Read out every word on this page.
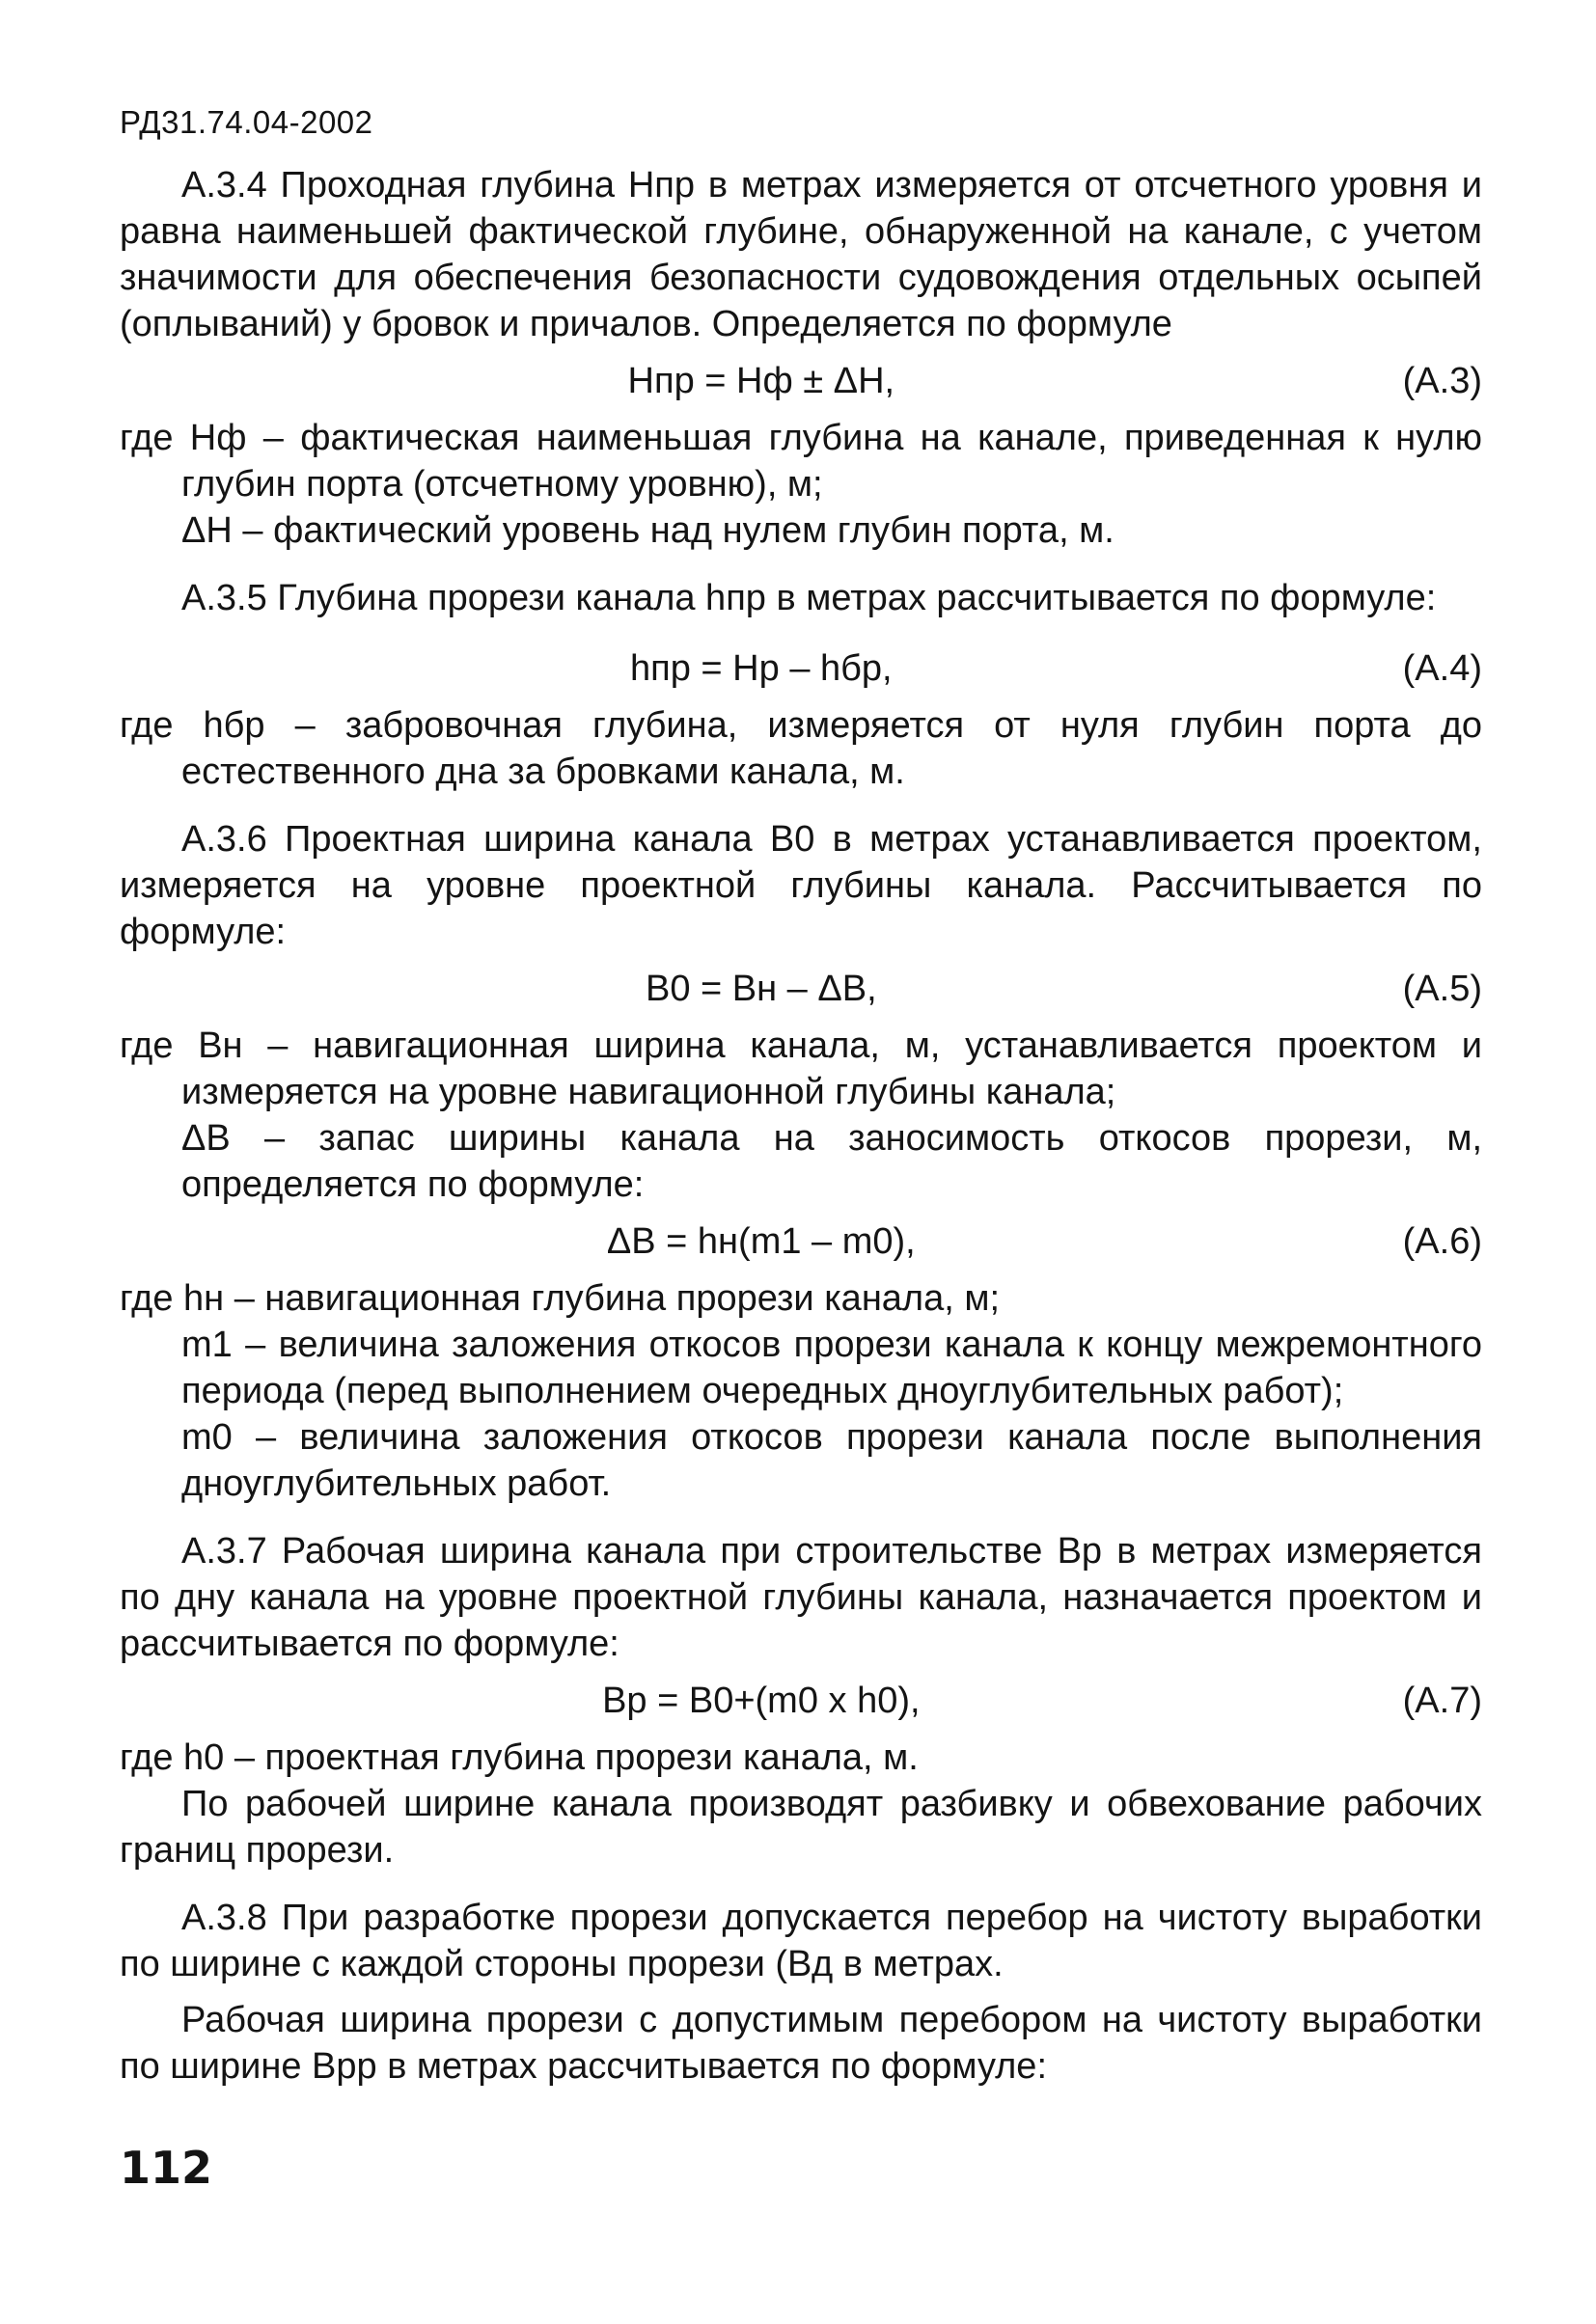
РД31.74.04-2002

А.3.4 Проходная глубина Hпр в метрах измеряется от отсчетного уровня и равна наименьшей фактической глубине, обнаруженной на канале, с учетом значимости для обеспечения безопасности судовождения отдельных осыпей (оплываний) у бровок и причалов. Определяется по формуле

Нпр = Нф ± ΔН,	(А.3)

где Нф – фактическая наименьшая глубина на канале, приведенная к нулю глубин порта (отсчетному уровню), м;

ΔН – фактический уровень над нулем глубин порта, м.

А.3.5 Глубина прорези канала hпр в метрах рассчитывается по формуле:

hпр = Нр – hбр,	(А.4)

где hбр – забровочная глубина, измеряется от нуля глубин порта до естественного дна за бровками канала, м.

А.3.6 Проектная ширина канала В0 в метрах устанавливается проектом, измеряется на уровне проектной глубины канала. Рассчитывается по формуле:

В0 = Вн – ΔВ,	(А.5)

где Вн – навигационная ширина канала, м, устанавливается проектом и измеряется на уровне навигационной глубины канала;

ΔВ – запас ширины канала на заносимость откосов прорези, м, определяется по формуле:

ΔВ = hн(m1 – m0),	(А.6)

где hн – навигационная глубина прорези канала, м;

m1 – величина заложения откосов прорези канала к концу межремонтного периода (перед выполнением очередных дноуглубительных работ);

m0 – величина заложения откосов прорези канала после выполнения дноуглубительных работ.

А.3.7 Рабочая ширина канала при строительстве Вр в метрах измеряется по дну канала на уровне проектной глубины канала, назначается проектом и рассчитывается по формуле:

Вр = В0+(m0 x h0),	(А.7)

где h0 – проектная глубина прорези канала, м.

По рабочей ширине канала производят разбивку и обвехование рабочих границ прорези.

А.3.8 При разработке прорези допускается перебор на чистоту выработки по ширине с каждой стороны прорези (Вд в метрах.

Рабочая ширина прорези с допустимым перебором на чистоту выработки по ширине Врр в метрах рассчитывается по формуле:

112
